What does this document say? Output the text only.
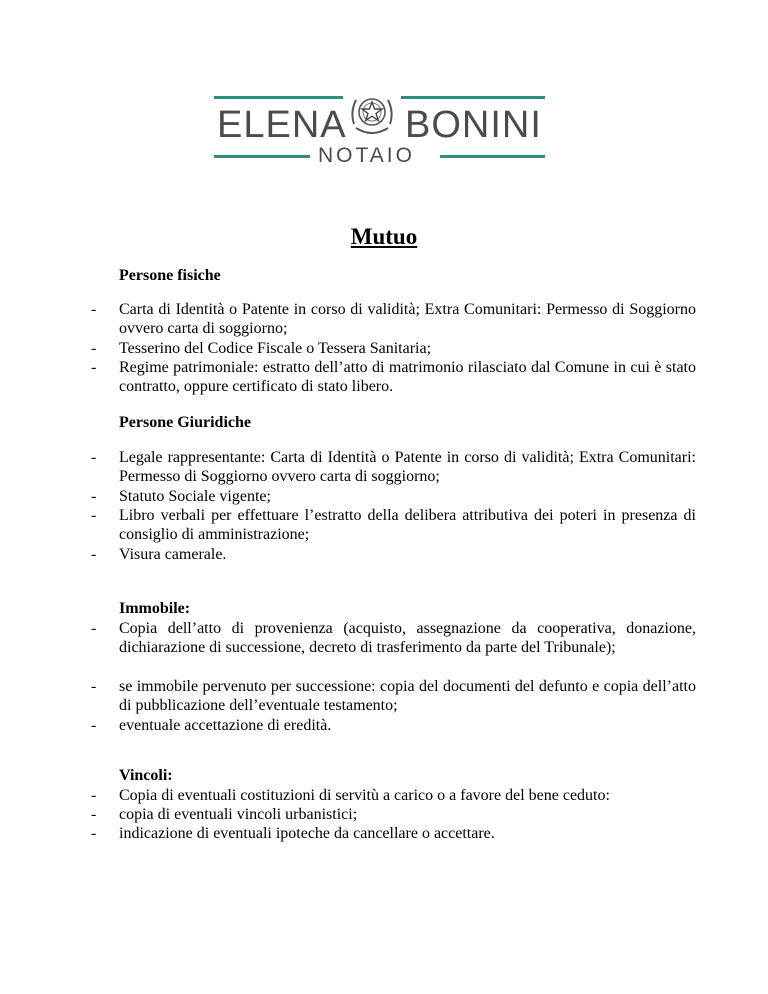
ELENA BONINI
NOTAIO
Mutuo
Persone fisiche
- Carta di Identità o Patente in corso di validità; Extra Comunitari: Permesso di Soggiorno ovvero carta di soggiorno;
- Tesserino del Codice Fiscale o Tessera Sanitaria;
- Regime patrimoniale: estratto dell’atto di matrimonio rilasciato dal Comune in cui è stato contratto, oppure certificato di stato libero.
Persone Giuridiche
- Legale rappresentante: Carta di Identità o Patente in corso di validità; Extra Comunitari: Permesso di Soggiorno ovvero carta di soggiorno;
- Statuto Sociale vigente;
- Libro verbali per effettuare l’estratto della delibera attributiva dei poteri in presenza di consiglio di amministrazione;
- Visura camerale.
Immobile:
- Copia dell’atto di provenienza (acquisto, assegnazione da cooperativa, donazione, dichiarazione di successione, decreto di trasferimento da parte del Tribunale);
- se immobile pervenuto per successione: copia del documenti del defunto e copia dell’atto di pubblicazione dell’eventuale testamento;
- eventuale accettazione di eredità.
Vincoli:
- Copia di eventuali costituzioni di servitù a carico o a favore del bene ceduto:
- copia di eventuali vincoli urbanistici;
- indicazione di eventuali ipoteche da cancellare o accettare.
